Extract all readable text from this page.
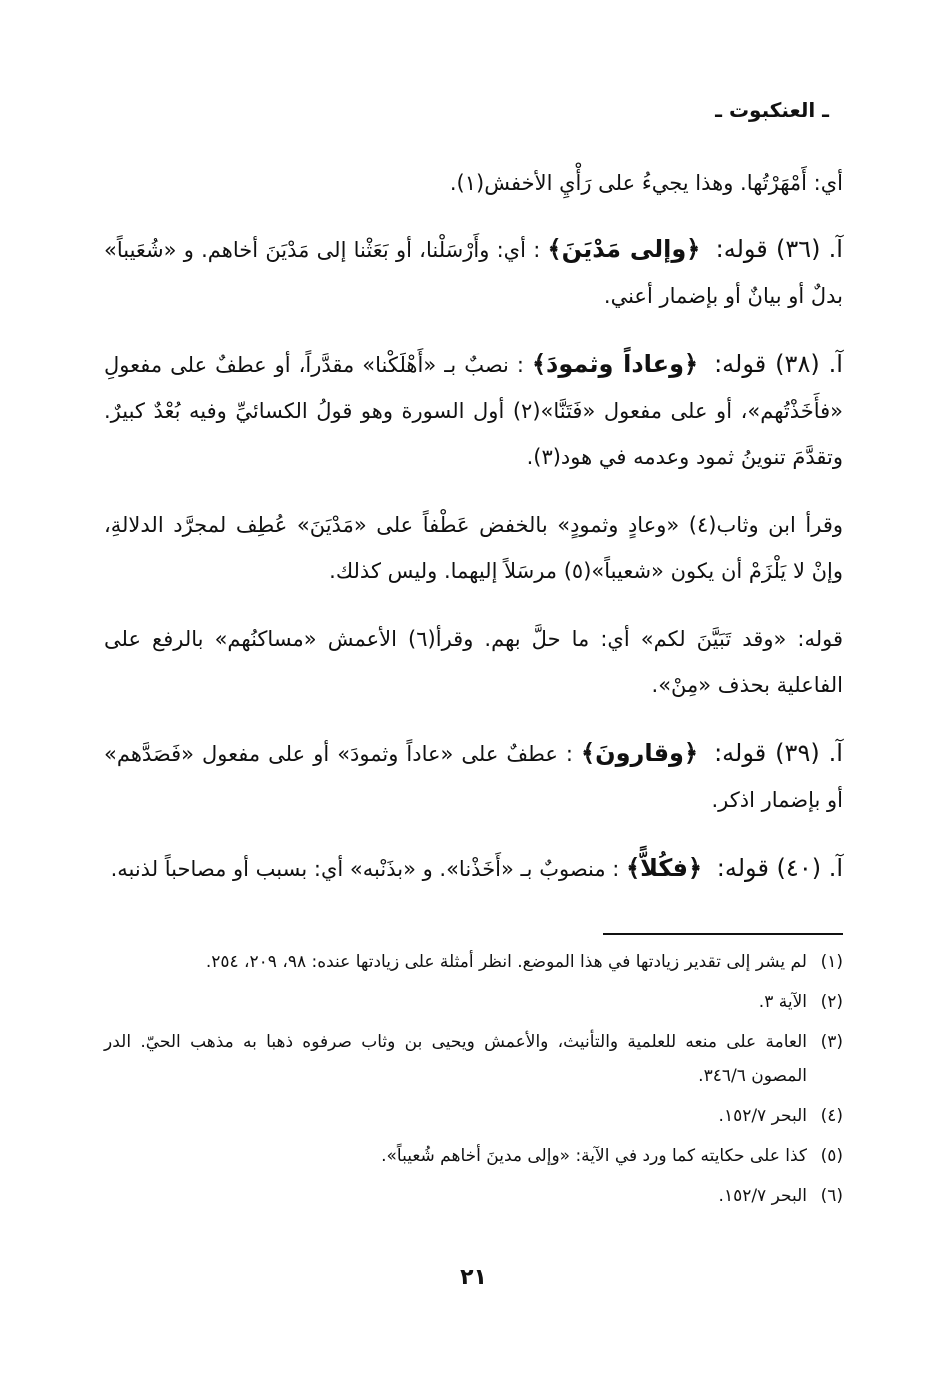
ـ العنكبوت ـ

أي: أَمْهَرْتُها. وهذا يجيءُ على رَأْيِ الأخفش(١).

آ. (٣٦) قوله: ﴿وإلى مَدْيَنَ﴾ : أي: وأَرْسَلْنا، أو بَعَثْنا إلى مَدْيَنَ أخاهم. و «شُعَيباً» بدلٌ أو بيانٌ أو بإضمار أعني.

آ. (٣٨) قوله: ﴿وعاداً وثمودَ﴾ : نصبٌ بـ «أَهْلَكْنا» مقدَّراً، أو عطفٌ على مفعولِ «فأَخَذْتُهم»، أو على مفعول «فَتَنَّا»(٢) أول السورة وهو قولُ الكسائيِّ وفيه بُعْدٌ كبيرٌ. وتقدَّمَ تنوينُ ثمود وعدمه في هود(٣).

وقرأ ابن وثاب(٤) «وعادٍ وثمودٍ» بالخفض عَطْفاً على «مَدْيَنَ» عُطِف لمجرَّد الدلالةِ، وإنْ لا يَلْزَمْ أن يكون «شعيباً»(٥) مرسَلاً إليهما. وليس كذلك.

قوله: «وقد تَبَيَّنَ لكم» أي: ما حلَّ بهم. وقرأ(٦) الأعمش «مساكنُهم» بالرفع على الفاعلية بحذف «مِنْ».

آ. (٣٩) قوله: ﴿وقارونَ﴾ : عطفٌ على «عاداً وثمودَ» أو على مفعول «فَصَدَّهم» أو بإضمار اذكر.

آ. (٤٠) قوله: ﴿فكُلاًّ﴾ : منصوبٌ بـ «أَخَذْنا». و «بذَنْبه» أي: بسبب أو مصاحباً لذنبه.

(١)
لم يشر إلى تقدير زيادتها في هذا الموضع. انظر أمثلة على زيادتها عنده: ٩٨، ٢٠٩، ٢٥٤.
(٢)
الآية ٣.
(٣)
العامة على منعه للعلمية والتأنيث، والأعمش ويحيى بن وثاب صرفوه ذهبا به مذهب الحيّ. الدر المصون ٣٤٦/٦.
(٤)
البحر ١٥٢/٧.
(٥)
كذا على حكايته كما ورد في الآية: «وإلى مدينَ أخاهم شُعيباً».
(٦)
البحر ١٥٢/٧.
٢١
